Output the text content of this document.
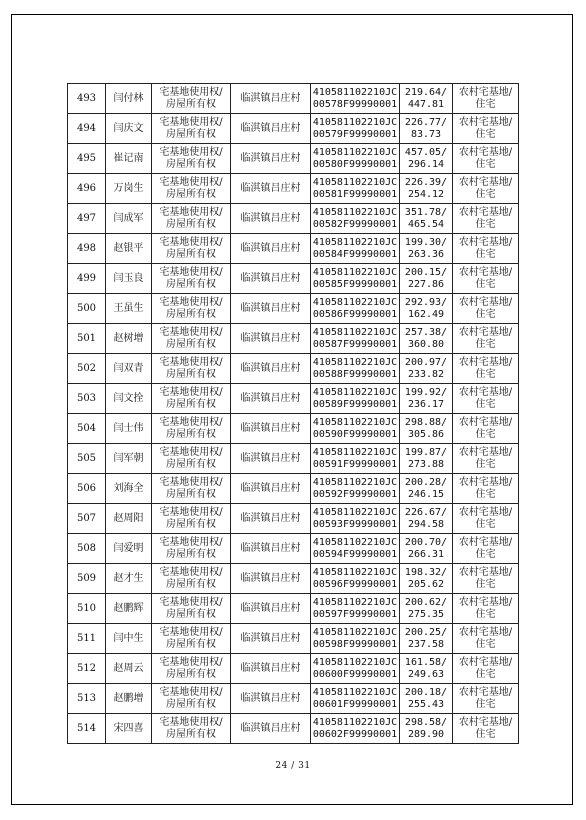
493	闫付林	宅基地使用权/
房屋所有权	临淇镇吕庄村	410581102210JC
00578F99990001	219.64/
447.81	农村宅基地/
住宅

494	闫庆文	宅基地使用权/
房屋所有权	临淇镇吕庄村	410581102210JC
00579F99990001	226.77/
83.73	农村宅基地/
住宅

495	崔记南	宅基地使用权/
房屋所有权	临淇镇吕庄村	410581102210JC
00580F99990001	457.05/
296.14	农村宅基地/
住宅

496	万岗生	宅基地使用权/
房屋所有权	临淇镇吕庄村	410581102210JC
00581F99990001	226.39/
254.12	农村宅基地/
住宅

497	闫成军	宅基地使用权/
房屋所有权	临淇镇吕庄村	410581102210JC
00582F99990001	351.78/
465.54	农村宅基地/
住宅

498	赵银平	宅基地使用权/
房屋所有权	临淇镇吕庄村	410581102210JC
00584F99990001	199.30/
263.36	农村宅基地/
住宅

499	闫玉良	宅基地使用权/
房屋所有权	临淇镇吕庄村	410581102210JC
00585F99990001	200.15/
227.86	农村宅基地/
住宅

500	王虽生	宅基地使用权/
房屋所有权	临淇镇吕庄村	410581102210JC
00586F99990001	292.93/
162.49	农村宅基地/
住宅

501	赵树增	宅基地使用权/
房屋所有权	临淇镇吕庄村	410581102210JC
00587F99990001	257.38/
360.80	农村宅基地/
住宅

502	闫双青	宅基地使用权/
房屋所有权	临淇镇吕庄村	410581102210JC
00588F99990001	200.97/
233.82	农村宅基地/
住宅

503	闫文拴	宅基地使用权/
房屋所有权	临淇镇吕庄村	410581102210JC
00589F99990001	199.92/
236.17	农村宅基地/
住宅

504	闫士伟	宅基地使用权/
房屋所有权	临淇镇吕庄村	410581102210JC
00590F99990001	298.88/
305.86	农村宅基地/
住宅

505	闫军朝	宅基地使用权/
房屋所有权	临淇镇吕庄村	410581102210JC
00591F99990001	199.87/
273.88	农村宅基地/
住宅

506	刘海全	宅基地使用权/
房屋所有权	临淇镇吕庄村	410581102210JC
00592F99990001	200.28/
246.15	农村宅基地/
住宅

507	赵周阳	宅基地使用权/
房屋所有权	临淇镇吕庄村	410581102210JC
00593F99990001	226.67/
294.58	农村宅基地/
住宅

508	闫爱明	宅基地使用权/
房屋所有权	临淇镇吕庄村	410581102210JC
00594F99990001	200.70/
266.31	农村宅基地/
住宅

509	赵才生	宅基地使用权/
房屋所有权	临淇镇吕庄村	410581102210JC
00596F99990001	198.32/
205.62	农村宅基地/
住宅

510	赵鹏辉	宅基地使用权/
房屋所有权	临淇镇吕庄村	410581102210JC
00597F99990001	200.62/
275.35	农村宅基地/
住宅

511	闫中生	宅基地使用权/
房屋所有权	临淇镇吕庄村	410581102210JC
00598F99990001	200.25/
237.58	农村宅基地/
住宅

512	赵周云	宅基地使用权/
房屋所有权	临淇镇吕庄村	410581102210JC
00600F99990001	161.58/
249.63	农村宅基地/
住宅

513	赵鹏增	宅基地使用权/
房屋所有权	临淇镇吕庄村	410581102210JC
00601F99990001	200.18/
255.43	农村宅基地/
住宅

514	宋四喜	宅基地使用权/
房屋所有权	临淇镇吕庄村	410581102210JC
00602F99990001	298.58/
289.90	农村宅基地/
住宅
24 / 31
